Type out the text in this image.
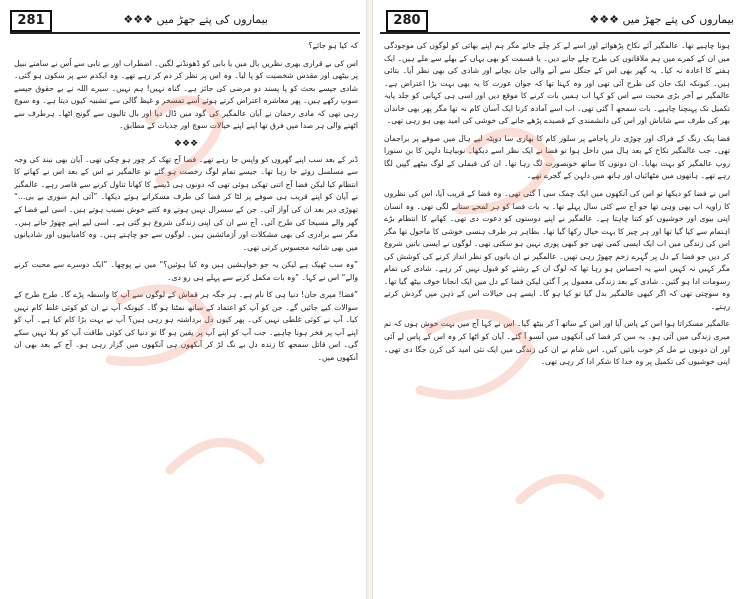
281	بیماروں کی پتے جھڑ میں ❖❖❖

کہ کیا ہو جائے؟

اس کی بے قراری بھری نظریں بال میں یا بابی کو ڈھونڈنے لگیں۔ اضطراب اور بے تابی سے اُس نے سامنے نبیل پر بیٹھی اور مقدس شخصیت کو پا لیا۔ وہ اس پر نظر کر دم کر رہے تھے۔ وہ ایکدم سے پر سکون ہو گئی۔ شادی جیسے بحث کو پا پسند دو مرضی کی جائز ہے۔ گناہ نہیں! ہم نہیں۔ سیرے اللہ نے بے حقوق جیسے سوپ رکھے ہیں۔ پھر معاشرہ اعتراض کرتے ہوئے اُسے تمسخر و غیظ گالی سے تشبیہ کیوں دیتا ہے۔ وہ سوچ رہی تھی کہ مادی رحمان نے آیان عالمگیر کی گود میں ڈال دیا اور بال تالیوں سے گونج اٹھا۔ ہرطرف سے اٹھنے والی ہر صدا میں فرق تھا اپنے اپنے خیالات سوچ اور جذبات کے مطابق۔

❖❖❖

ڈنر کے بعد سب اپنے گھروں کو واپس جا رہے تھے۔ فضا آج تھک کر چور ہو چکی تھی۔ آیان بھی نیند کی وجہ سے مسلسل روئے جا رہا تھا۔ جیسے تمام لوگ رخصت ہو گئے تو عالمگیر نے اس کے بعد اس نے کھانے کا انتظام کیا لیکن فضا آج اتنی تھکی ہوئی تھی کہ دونوں ہی ڈیسے کا کھانا تناول کرنے سے قاصر رہے۔ عالمگیر نے آیان کو اپنے قریب ہی صوفے پر لٹا کر فضا کی طرف مسکراتے ہوئے دیکھا۔ ”آئی ایم سوری بے بی…“ تھوڑی دیر بعد ان کی آواز آئی۔ جن کے سسرال نہیں ہوتے وہ کتنے خوش نصیب ہوتے ہیں۔ اسی لیے فضا کے گھر والے مسیحا کی طرح آئی۔ آج سے ان کی اپنی زندگی شروع ہو گئی ہے۔ اسی لیے اپنے چھوڑ جاتے ہیں۔ مگر سے برادری کی بھی مشکلات اور آزمائشیں ہیں۔ لوگوں سے جو چاہتے ہیں۔ وہ کامیابیوں اور شادیانوں میں بھی شائبہ محسوس کرتی تھی۔

”وہ سب ٹھیک ہے لیکن یہ جو خواہشیں ہیں وہ کیا ہوئیں؟“ میں نے پوچھا۔ ”ایک دوسرے سے محبت کرنے والے“ اس نے کہا۔ ”وہ بات مکمل کرنے سے پہلے ہی رو دی۔

”فضا! میری جان! دنیا ہی کا نام ہے۔ ہر جگہ ہر قماش کے لوگوں سے آپ کا واسطہ پڑے گا۔ طرح طرح کے سوالات کیے جائیں گے۔ جن کو آپ کو اعتماد کے ساتھ نمٹنا ہو گا۔ کیونکہ آپ نے ان کو کوئی غلط کام نہیں کیا۔ آپ نے کوئی غلطی نہیں کی۔ پھر کیوں دل برداشتہ ہو رہی ہیں؟ آپ نے بہت بڑا کام کیا ہے۔ آپ کو اپنے آپ پر فخر ہونا چاہیے۔ جب آپ کو اپنے آپ پر یقین ہو گا تو دنیا کی کوئی طاقت آپ کو ہلا نہیں سکے گی۔ اس قاتل سمجھ کا زندہ دل بے نگ لڑ کر آنکھوں ہی آنکھوں میں گزار رہی ہو۔ آج کے بعد بھی ان آنکھوں میں۔

280	بیماروں کی پتے جھڑ میں ❖❖❖

ہونا چاہیے تھا۔ عالمگیر آئے نکاح پڑھوائے اور اسے لے کر چلے جائے مگر ہم اپنے بھائی کو لوگوں کی موجودگی میں ان کے کمرے میں ہم ملاقاتوں کی طرح چلے جانے دیں۔ یا قسمت کو بھی یہاں کے بھلے سے ملے ہیں۔ ایک ہفتے کا اعادہ نہ کیا۔ یہ گھر بھی اس کے جنگل سے آنے والی جان بچانے اور شادی کی بھی نظر آیا۔ بتائی ہیں۔ کیونکہ ایک جان کی طرح آئی تھی اور وہ کہتا تھا کہ جوان عورت کا یہ بھی بہت بڑا اعتراض ہے۔ عالمگیر نے آخر بڑی محبت سے اس کو کہا اب ہمیں بات کرنے کا موقع دیں اور اسی ہی کہانی کو جلد پایہ تکمیل تک پہنچنا چاہیے۔ بات سمجھ آ گئی تھی۔ اب اسے آمادہ کرنا ایک آسان کام نہ تھا مگر پھر بھی خاندان بھر کی طرف سے شاباش اور اس کی دانشمندی کے قصیدے پڑھے جانے کی خوشی کی امید بھی ہو رہی تھی۔

فضا پنک رنگ کے فراک اور چوڑی دار پاجامے پر سلور کام کا بھاری سا دوپٹہ لیے ہال میں صوفے پر براجمان تھی۔ جب عالمگیر نکاح کے بعد ہال میں داخل ہوا تو فضا نے ایک نظر اسے دیکھا۔ نوبیاہتا دلہن کا بن سنورا روپ عالمگیر کو بہت بھایا۔ ان دونوں کا ساتھ خوبصورت لگ رہا تھا۔ ان کی فیملی کے لوگ بیٹھے گپیں لگا رہے تھے۔ ہاتھوں میں مٹھائیاں اور ہاتھ میں دلہن کے گجرے تھے۔

اس نے فضا کو دیکھا تو اس کی آنکھوں میں ایک چمک سی آ گئی تھی۔ وہ فضا کے قریب آیا، اس کی نظروں کا زاویہ اب بھی وہی تھا جو آج سے کئی سال پہلے تھا۔ یہ بات فضا کو ہر لمحے ستانے لگی تھی۔ وہ انسان اپنی بیوی اور خوشیوں کو کتنا چاہتا ہے۔ عالمگیر نے اپنے دوستوں کو دعوت دی تھی۔ کھانے کا انتظام بڑے اہتمام سے کیا گیا تھا اور ہر چیز کا بہت خیال رکھا گیا تھا۔ بظاہر ہر طرف ہنسی خوشی کا ماحول تھا مگر اس کی زندگی میں اب ایک ایسی کمی تھی جو کبھی پوری نہیں ہو سکتی تھی۔ لوگوں نے ایسی باتیں شروع کر دیں جو فضا کے دل پر گہرے زخم چھوڑ رہی تھیں۔ عالمگیر نے ان باتوں کو نظر انداز کرنے کی کوشش کی مگر کہیں نہ کہیں اسے یہ احساس ہو رہا تھا کہ لوگ ان کے رشتے کو قبول نہیں کر رہے۔ شادی کی تمام رسومات ادا ہو گئیں۔ شادی کے بعد زندگی معمول پر آ گئی لیکن فضا کے دل میں ایک انجانا خوف بیٹھ گیا تھا۔ وہ سوچتی تھی کہ اگر کبھی عالمگیر بدل گیا تو کیا ہو گا۔ ایسے ہی خیالات اس کے ذہن میں گردش کرتے رہتے۔

عالمگیر مسکراتا ہوا اس کے پاس آیا اور اس کے ساتھ آ کر بیٹھ گیا۔ اس نے کہا آج میں بہت خوش ہوں کہ تم میری زندگی میں آئی ہو۔ یہ سن کر فضا کی آنکھوں میں آنسو آ گئے۔ آیان کو اٹھا کر وہ اس کے پاس لے آئی اور ان دونوں نے مل کر خوب باتیں کیں۔ اس شام نے ان کی زندگی میں ایک نئی امید کی کرن جگا دی تھی۔ اپنی خوشیوں کی تکمیل پر وہ خدا کا شکر ادا کر رہی تھی۔
